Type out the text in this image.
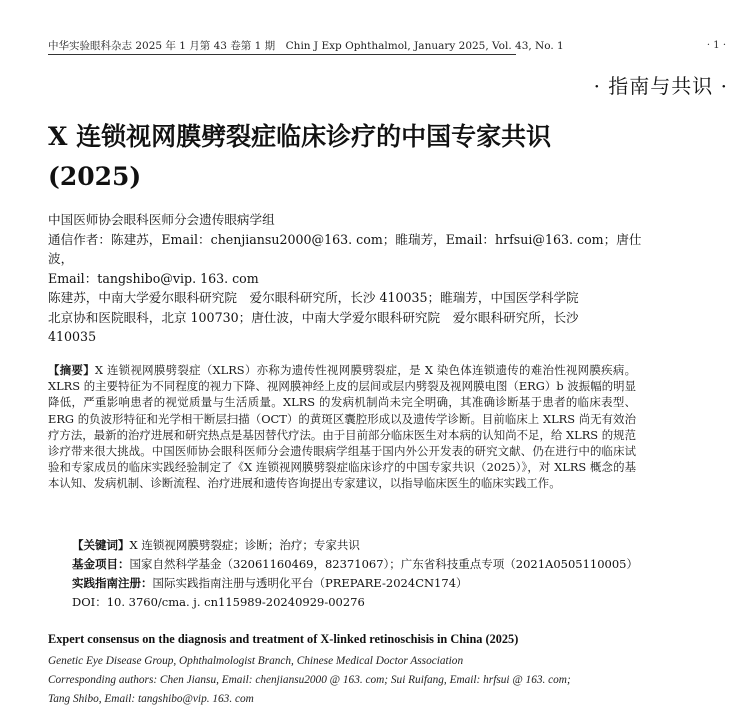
中华实验眼科杂志 2025 年 1 月第 43 卷第 1 期　Chin J Exp Ophthalmol, January 2025, Vol. 43, No. 1	· 1 ·
· 指南与共识 ·
X 连锁视网膜劈裂症临床诊疗的中国专家共识
(2025)
中国医师协会眼科医师分会遗传眼病学组
通信作者：陈建苏，Email：chenjiansu2000@163. com；睢瑞芳，Email：hrfsui@163. com；唐仕波，
Email：tangshibo@vip. 163. com
陈建苏，中南大学爱尔眼科研究院　爱尔眼科研究所，长沙 410035；睢瑞芳，中国医学科学院
北京协和医院眼科，北京 100730；唐仕波，中南大学爱尔眼科研究院　爱尔眼科研究所，长沙
410035
【摘要】X 连锁视网膜劈裂症（XLRS）亦称为遗传性视网膜劈裂症，是 X 染色体连锁遗传的难治性视网膜疾病。XLRS 的主要特征为不同程度的视力下降、视网膜神经上皮的层间或层内劈裂及视网膜电图（ERG）b 波振幅的明显降低，严重影响患者的视觉质量与生活质量。XLRS 的发病机制尚未完全明确，其准确诊断基于患者的临床表型、ERG 的负波形特征和光学相干断层扫描（OCT）的黄斑区囊腔形成以及遗传学诊断。目前临床上 XLRS 尚无有效治疗方法，最新的治疗进展和研究热点是基因替代疗法。由于目前部分临床医生对本病的认知尚不足，给 XLRS 的规范诊疗带来很大挑战。中国医师协会眼科医师分会遗传眼病学组基于国内外公开发表的研究文献、仍在进行中的临床试验和专家成员的临床实践经验制定了《X 连锁视网膜劈裂症临床诊疗的中国专家共识（2025）》，对 XLRS 概念的基本认知、发病机制、诊断流程、治疗进展和遗传咨询提出专家建议，以指导临床医生的临床实践工作。
【关键词】X 连锁视网膜劈裂症；诊断；治疗；专家共识
基金项目：国家自然科学基金（32061160469，82371067）；广东省科技重点专项（2021A0505110005）
实践指南注册：国际实践指南注册与透明化平台（PREPARE-2024CN174）
DOI：10. 3760/cma. j. cn115989-20240929-00276
Expert consensus on the diagnosis and treatment of X-linked retinoschisis in China (2025)
Genetic Eye Disease Group, Ophthalmologist Branch, Chinese Medical Doctor Association
Corresponding authors: Chen Jiansu, Email: chenjiansu2000 @ 163. com; Sui Ruifang, Email: hrfsui @ 163. com;
Tang Shibo, Email: tangshibo@vip. 163. com
